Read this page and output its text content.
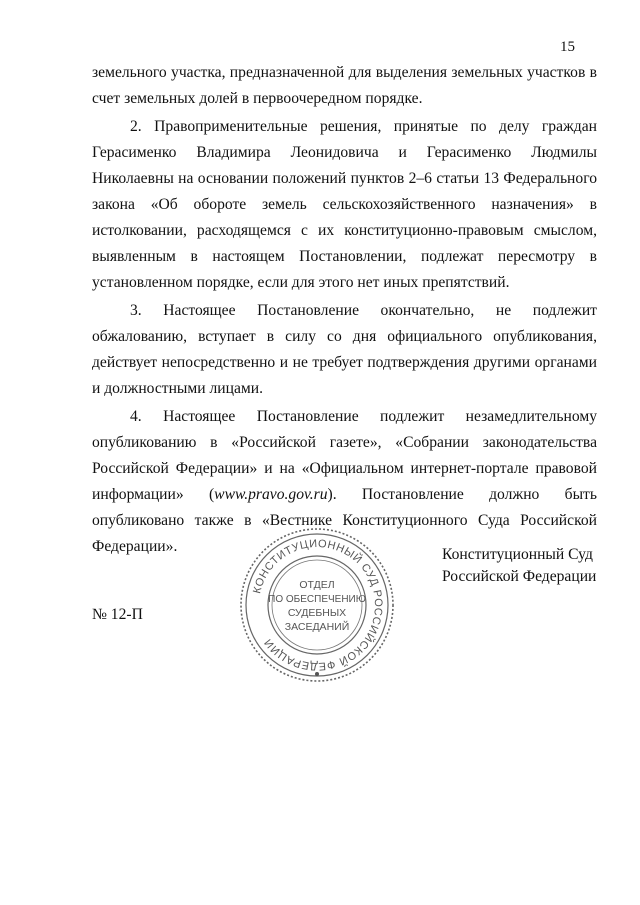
15

земельного участка, предназначенной для выделения земельных участков в счет земельных долей в первоочередном порядке.

2. Правоприменительные решения, принятые по делу граждан Герасименко Владимира Леонидовича и Герасименко Людмилы Николаевны на основании положений пунктов 2–6 статьи 13 Федерального закона «Об обороте земель сельскохозяйственного назначения» в истолковании, расходящемся с их конституционно-правовым смыслом, выявленным в настоящем Постановлении, подлежат пересмотру в установленном порядке, если для этого нет иных препятствий.

3. Настоящее Постановление окончательно, не подлежит обжалованию, вступает в силу со дня официального опубликования, действует непосредственно и не требует подтверждения другими органами и должностными лицами.

4. Настоящее Постановление подлежит незамедлительному опубликованию в «Российской газете», «Собрании законодательства Российской Федерации» и на «Официальном интернет-портале правовой информации» (www.pravo.gov.ru). Постановление должно быть опубликовано также в «Вестнике Конституционного Суда Российской Федерации».

КОНСТИТУЦИОННЫЙ СУД РОССИЙСКОЙ ФЕДЕРАЦИИ
ОТДЕЛ
ПО ОБЕСПЕЧЕНИЮ
СУДЕБНЫХ
ЗАСЕДАНИЙ
Конституционный Суд
Российской Федерации
№ 12-П
